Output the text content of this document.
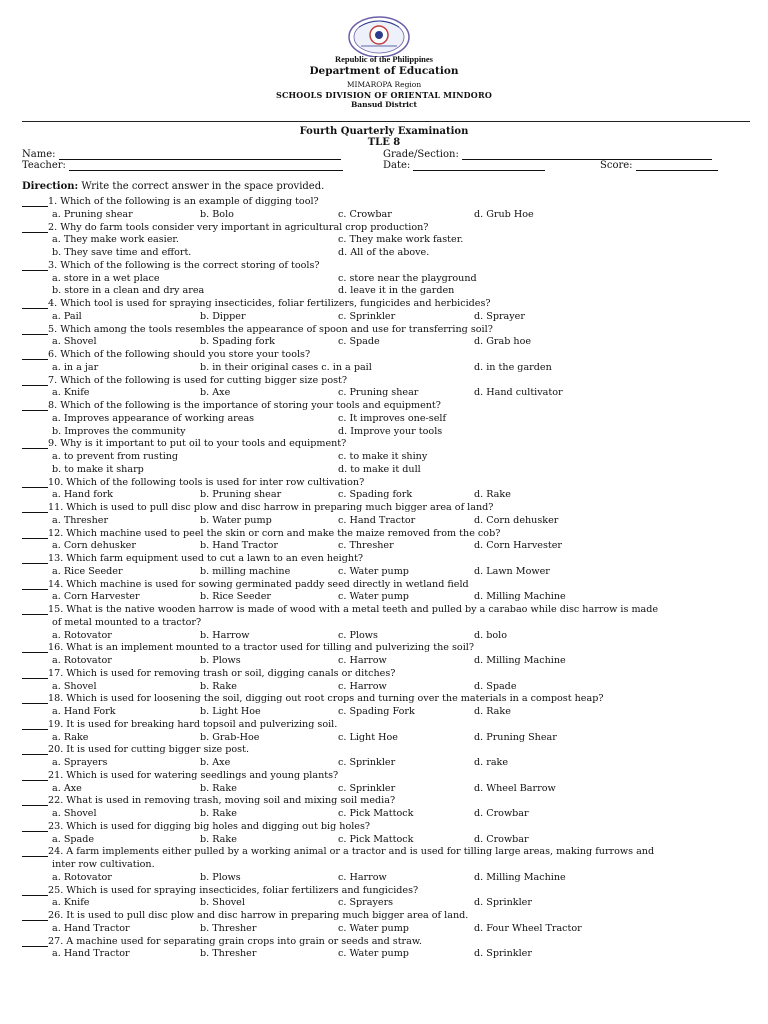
Republic of the Philippines
Department of Education
MIMAROPA Region
SCHOOLS DIVISION OF ORIENTAL MINDORO
Bansud District
Fourth Quarterly Examination
TLE 8
Name:	Grade/Section:
Teacher:	Date:	Score:
Direction: Write the correct answer in the space provided.
1. Which of the following is an example of digging tool?
a. Pruning shear	b. Bolo	c. Crowbar	d. Grub Hoe
2. Why do farm tools consider very important in agricultural crop production?
a. They make work easier.	c. They make work faster.
b. They save time and effort.	d. All of the above.
3. Which of the following is the correct storing of tools?
a. store in a wet place	c. store near the playground
b. store in a clean and dry area	d. leave it in the garden
4. Which tool is used for spraying insecticides, foliar fertilizers, fungicides and herbicides?
a. Pail	b. Dipper	c. Sprinkler	d. Sprayer
5. Which among the tools resembles the appearance of spoon and use for transferring soil?
a. Shovel	b. Spading fork	c. Spade	d. Grab hoe
6. Which of the following should you store your tools?
a. in a jar	b. in their original cases c. in a pail	d. in the garden
7. Which of the following is used for cutting bigger size post?
a. Knife	b. Axe	c. Pruning shear	d. Hand cultivator
8. Which of the following is the importance of storing your tools and equipment?
a. Improves appearance of working areas	c. It improves one-self
b. Improves the community	d. Improve your tools
9. Why is it important to put oil to your tools and equipment?
a. to prevent from rusting	c. to make it shiny
b. to make it sharp	d. to make it dull
10. Which of the following tools is used for inter row cultivation?
a. Hand fork	b. Pruning shear	c. Spading fork	d. Rake
11. Which is used to pull disc plow and disc harrow in preparing much bigger area of land?
a. Thresher	b. Water pump	c. Hand Tractor	d. Corn dehusker
12. Which machine used to peel the skin or corn and make the maize removed from the cob?
a. Corn dehusker	b. Hand Tractor	c. Thresher	d. Corn Harvester
13. Which farm equipment used to cut a lawn to an even height?
a. Rice Seeder	b. milling machine	c. Water pump	d. Lawn Mower
14. Which machine is used for sowing germinated paddy seed directly in wetland field
a. Corn Harvester	b. Rice Seeder	c. Water pump	d. Milling Machine
15. What is the native wooden harrow is made of wood with a metal teeth and pulled by a carabao while disc harrow is made
of metal mounted to a tractor?
a. Rotovator	b. Harrow	c. Plows	d. bolo
16. What is an implement mounted to a tractor used for tilling and pulverizing the soil?
a. Rotovator	b. Plows	c. Harrow	d. Milling Machine
17. Which is used for removing trash or soil, digging canals or ditches?
a. Shovel	b. Rake	c. Harrow	d. Spade
18. Which is used for loosening the soil, digging out root crops and turning over the materials in a compost heap?
a. Hand Fork	b. Light Hoe	c. Spading Fork	d. Rake
19. It is used for breaking hard topsoil and pulverizing soil.
a. Rake	b. Grab-Hoe	c. Light Hoe	d. Pruning Shear
20. It is used for cutting bigger size post.
a. Sprayers	b. Axe	c. Sprinkler	d. rake
21. Which is used for watering seedlings and young plants?
a. Axe	b. Rake	c. Sprinkler	d. Wheel Barrow
22. What is used in removing trash, moving soil and mixing soil media?
a. Shovel	b. Rake	c. Pick Mattock	d. Crowbar
23. Which is used for digging big holes and digging out big holes?
a. Spade	b. Rake	c. Pick Mattock	d. Crowbar
24. A farm implements either pulled by a working animal or a tractor and is used for tilling large areas, making furrows and
inter row cultivation.
a. Rotovator	b. Plows	c. Harrow	d. Milling Machine
25. Which is used for spraying insecticides, foliar fertilizers and fungicides?
a. Knife	b. Shovel	c. Sprayers	d. Sprinkler
26. It is used to pull disc plow and disc harrow in preparing much bigger area of land.
a. Hand Tractor	b. Thresher	c. Water pump	d. Four Wheel Tractor
27. A machine used for separating grain crops into grain or seeds and straw.
a. Hand Tractor	b. Thresher	c. Water pump	d. Sprinkler
